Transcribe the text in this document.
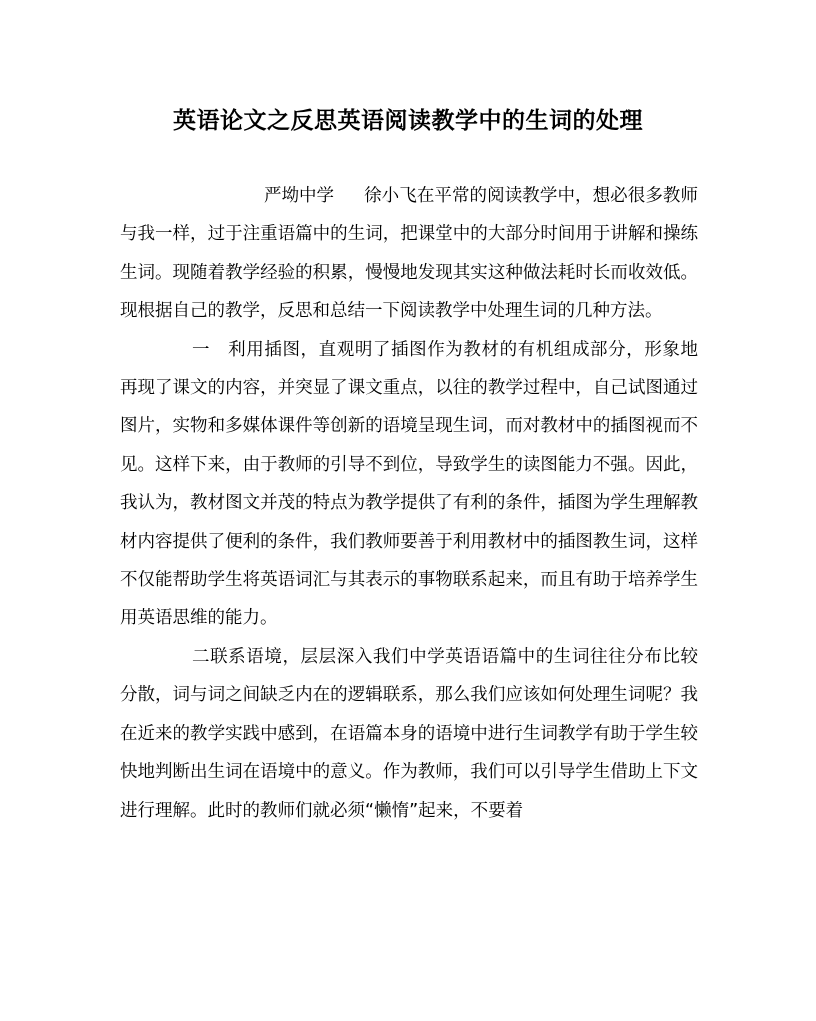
英语论文之反思英语阅读教学中的生词的处理

严坳中学 徐小飞在平常的阅读教学中，想必很多教师与我一样，过于注重语篇中的生词，把课堂中的大部分时间用于讲解和操练生词。现随着教学经验的积累，慢慢地发现其实这种做法耗时长而收效低。现根据自己的教学，反思和总结一下阅读教学中处理生词的几种方法。

一　利用插图，直观明了插图作为教材的有机组成部分，形象地再现了课文的内容，并突显了课文重点，以往的教学过程中，自己试图通过图片，实物和多媒体课件等创新的语境呈现生词，而对教材中的插图视而不见。这样下来，由于教师的引导不到位，导致学生的读图能力不强。因此，我认为，教材图文并茂的特点为教学提供了有利的条件，插图为学生理解教材内容提供了便利的条件，我们教师要善于利用教材中的插图教生词，这样不仅能帮助学生将英语词汇与其表示的事物联系起来，而且有助于培养学生用英语思维的能力。

二联系语境，层层深入我们中学英语语篇中的生词往往分布比较分散，词与词之间缺乏内在的逻辑联系，那么我们应该如何处理生词呢？我在近来的教学实践中感到，在语篇本身的语境中进行生词教学有助于学生较快地判断出生词在语境中的意义。作为教师，我们可以引导学生借助上下文进行理解。此时的教师们就必须“懒惰”起来，不要着
